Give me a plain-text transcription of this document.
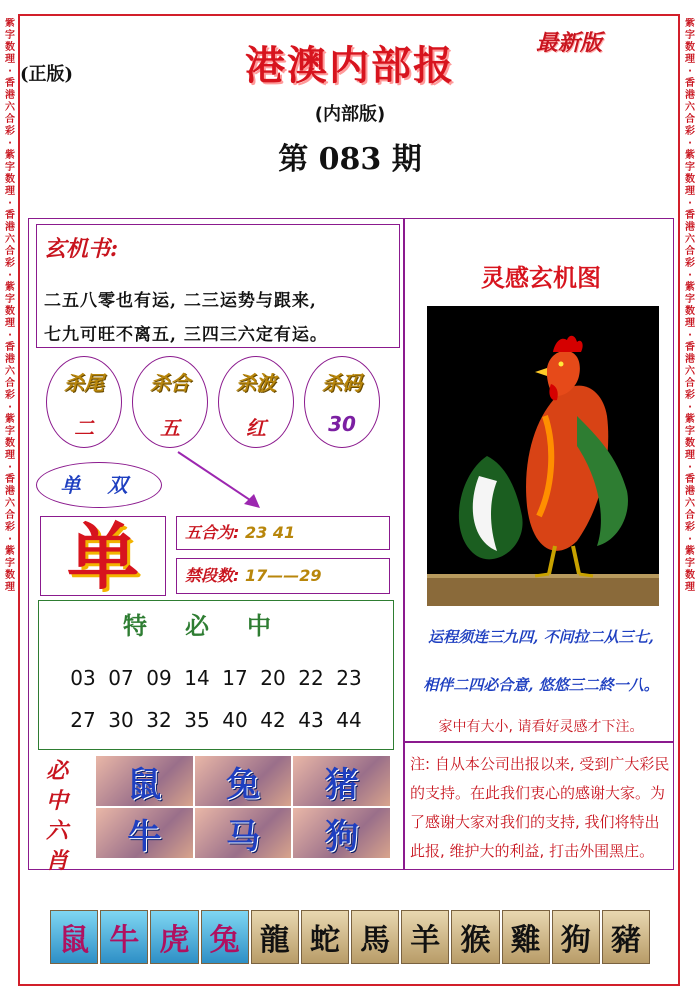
紫
字
数
理
·
香
港
六
合
彩
·
紫
字
数
理
·
香
港
六
合
彩
·
紫
字
数
理
·
香
港
六
合
彩
·
紫
字
数
理
·
香
港
六
合
彩
·
紫
字
数
理
紫
字
数
理
·
香
港
六
合
彩
·
紫
字
数
理
·
香
港
六
合
彩
·
紫
字
数
理
·
香
港
六
合
彩
·
紫
字
数
理
·
香
港
六
合
彩
·
紫
字
数
理
(正版)
最新版
港澳内部报
(内部版)
第 083 期
玄机书:
二五八零也有运, 二三运势与跟来,
七九可旺不离五, 三四三六定有运。
杀尾
二
杀合
五
杀波
红
杀码
30
单 双
单	五合为: 23 41
禁段数: 17——29
特必中
03 07 09 14 17 20 22 23
27 30 32 35 40 42 43 44
必中六肖
鼠	兔	猪
牛	马	狗
灵感玄机图
运程须连三九四, 不问拉二从三七,
相伴二四必合意, 悠悠三二終一八。
家中有大小, 请看好灵感才下注。
注: 自从本公司出报以来, 受到广大彩民的支持。在此我们衷心的感谢大家。为了感谢大家对我们的支持, 我们将特出此报, 维护大的利益, 打击外围黑庄。
鼠 牛 虎 兔 龍 蛇 馬 羊 猴 雞 狗 豬
